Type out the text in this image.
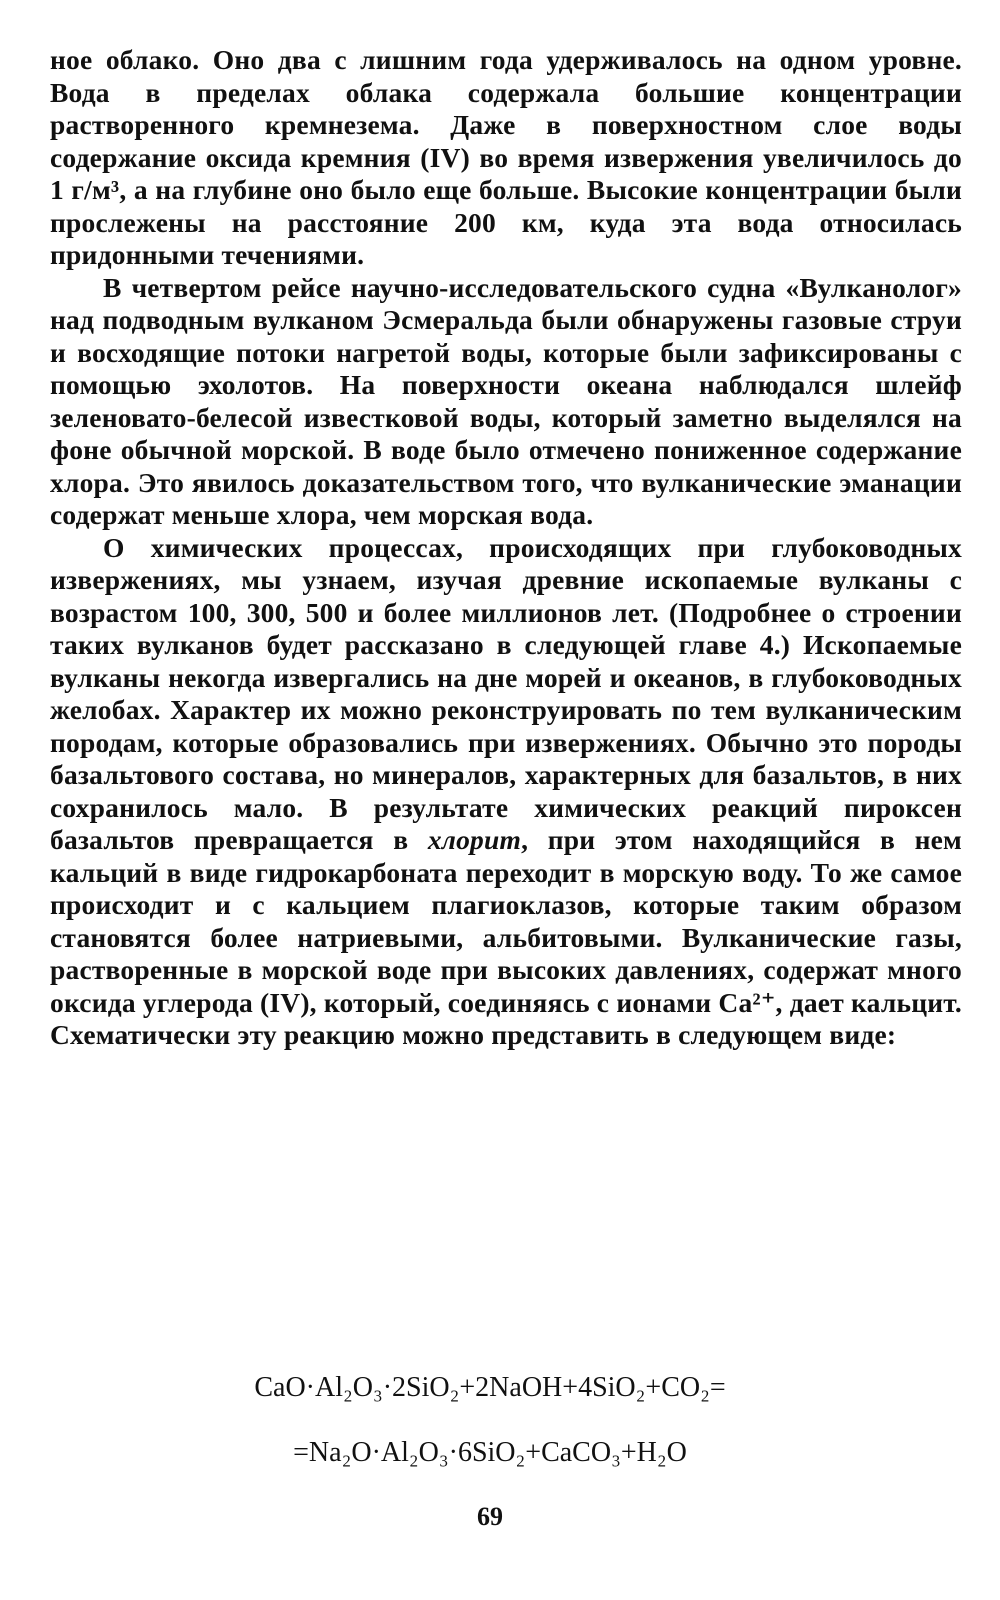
ное облако. Оно два с лишним года удерживалось на одном уровне. Вода в пределах облака содержала большие концентрации растворенного кремнезема. Даже в поверхностном слое воды содержание оксида кремния (IV) во время извержения увеличилось до 1 г/м³, а на глубине оно было еще больше. Высокие концентрации были прослежены на расстояние 200 км, куда эта вода относилась придонными течениями.

В четвертом рейсе научно-исследовательского судна «Вулканолог» над подводным вулканом Эсмеральда были обнаружены газовые струи и восходящие потоки нагретой воды, которые были зафиксированы с помощью эхолотов. На поверхности океана наблюдался шлейф зеленовато-белесой известковой воды, который заметно выделялся на фоне обычной морской. В воде было отмечено пониженное содержание хлора. Это явилось доказательством того, что вулканические эманации содержат меньше хлора, чем морская вода.

О химических процессах, происходящих при глубоководных извержениях, мы узнаем, изучая древние ископаемые вулканы с возрастом 100, 300, 500 и более миллионов лет. (Подробнее о строении таких вулканов будет рассказано в следующей главе 4.) Ископаемые вулканы некогда извергались на дне морей и океанов, в глубоководных желобах. Характер их можно реконструировать по тем вулканическим породам, которые образовались при извержениях. Обычно это породы базальтового состава, но минералов, характерных для базальтов, в них сохранилось мало. В результате химических реакций пироксен базальтов превращается в хлорит, при этом находящийся в нем кальций в виде гидрокарбоната переходит в морскую воду. То же самое происходит и с кальцием плагиоклазов, которые таким образом становятся более натриевыми, альбитовыми. Вулканические газы, растворенные в морской воде при высоких давлениях, содержат много оксида углерода (IV), который, соединяясь с ионами Ca²⁺, дает кальцит. Схематически эту реакцию можно представить в следующем виде:

CaO·Al₂O₃·2SiO₂+2NaOH+4SiO₂+CO₂=
=Na₂O·Al₂O₃·6SiO₂+CaCO₃+H₂O
69
